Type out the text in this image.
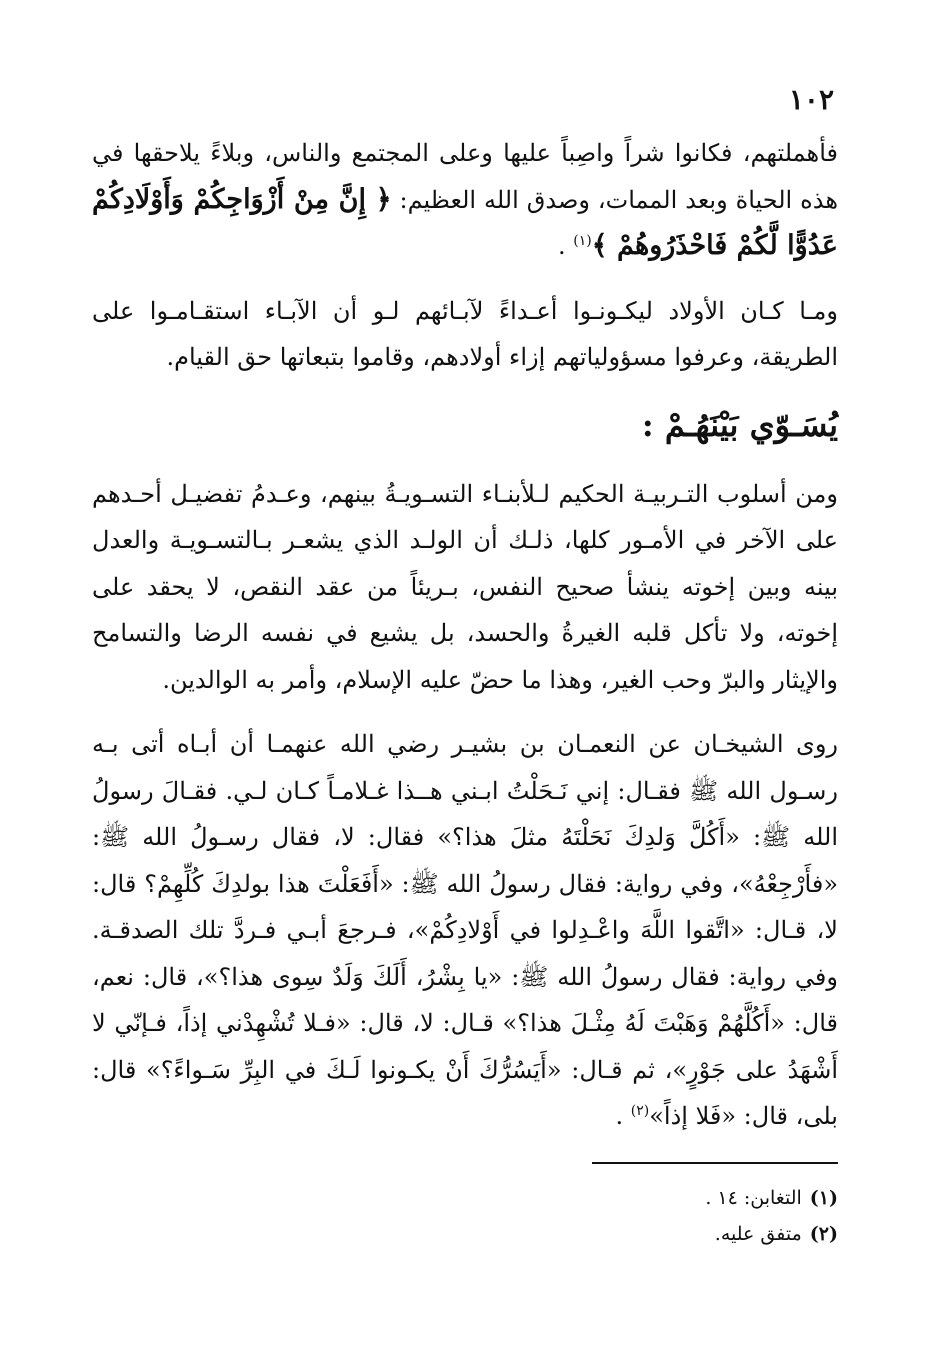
١٠٢

فأهملتهم، فكانوا شراً واصِباً عليها وعلى المجتمع والناس، وبلاءً يلاحقها في هذه الحياة وبعد الممات، وصدق الله العظيم: ﴿ إِنَّ مِنْ أَزْوَاجِكُمْ وَأَوْلَادِكُمْ عَدُوًّا لَّكُمْ فَاحْذَرُوهُمْ ﴾$^{(١)}$ .

ومـا كـان الأولاد ليكـونـوا أعـداءً لآبـائهم لـو أن الآبـاء استقـامـوا على الطريقة، وعرفوا مسؤولياتهم إزاء أولادهم، وقاموا بتبعاتها حق القيام.

يُسَـوّي بَيْنَهُـمْ :

ومن أسلوب التـربيـة الحكيم لـلأبنـاء التسـويـةُ بينهم، وعـدمُ تفضيـل أحـدهم على الآخر في الأمـور كلها، ذلـك أن الولـد الذي يشعـر بـالتسـويـة والعدل بينه وبين إخوته ينشأ صحيح النفس، بـريئاً من عقد النقص، لا يحقد على إخوته، ولا تأكل قلبه الغيرةُ والحسد، بل يشيع في نفسه الرضا والتسامح والإيثار والبرّ وحب الغير، وهذا ما حضّ عليه الإسلام، وأمر به الوالدين.

روى الشيخـان عن النعمـان بن بشيـر رضي الله عنهمـا أن أبـاه أتى بـه رسـول الله ﷺ فقـال: إني نَـحَلْتُ ابـني هــذا غـلامـاً كـان لـي. فقـالَ رسولُ الله ﷺ: «أَكُلَّ وَلدِكَ نَحَلْتَهُ مثلَ هذا؟» فقال: لا، فقال رسـولُ الله ﷺ: «فأَرْجِعْهُ»، وفي رواية: فقال رسولُ الله ﷺ: «أَفَعَلْتَ هذا بولدِكَ كُلِّهِمْ؟ قال: لا، قـال: «اتَّقوا اللَّهَ واعْـدِلوا في أَوْلادِكُمْ»، فـرجعَ أبـي فـردَّ تلك الصدقـة. وفي رواية: فقال رسولُ الله ﷺ: «يا بِشْرُ، أَلَكَ وَلَدٌ سِوى هذا؟»، قال: نعم، قال: «أَكُلَّهُمْ وَهَبْتَ لَهُ مِثْـلَ هذا؟» قـال: لا، قال: «فـلا تُشْهِدْني إذاً، فـإنّي لا أَشْهَدُ على جَوْرٍ»، ثم قـال: «أَيَسُرُّكَ أَنْ يكـونوا لَـكَ في البِرِّ سَـواءً؟» قال: بلى، قال: «فَلا إذاً»$^{(٢)}$ .

(١)التغابن: ١٤ .

(٢)متفق عليه.
